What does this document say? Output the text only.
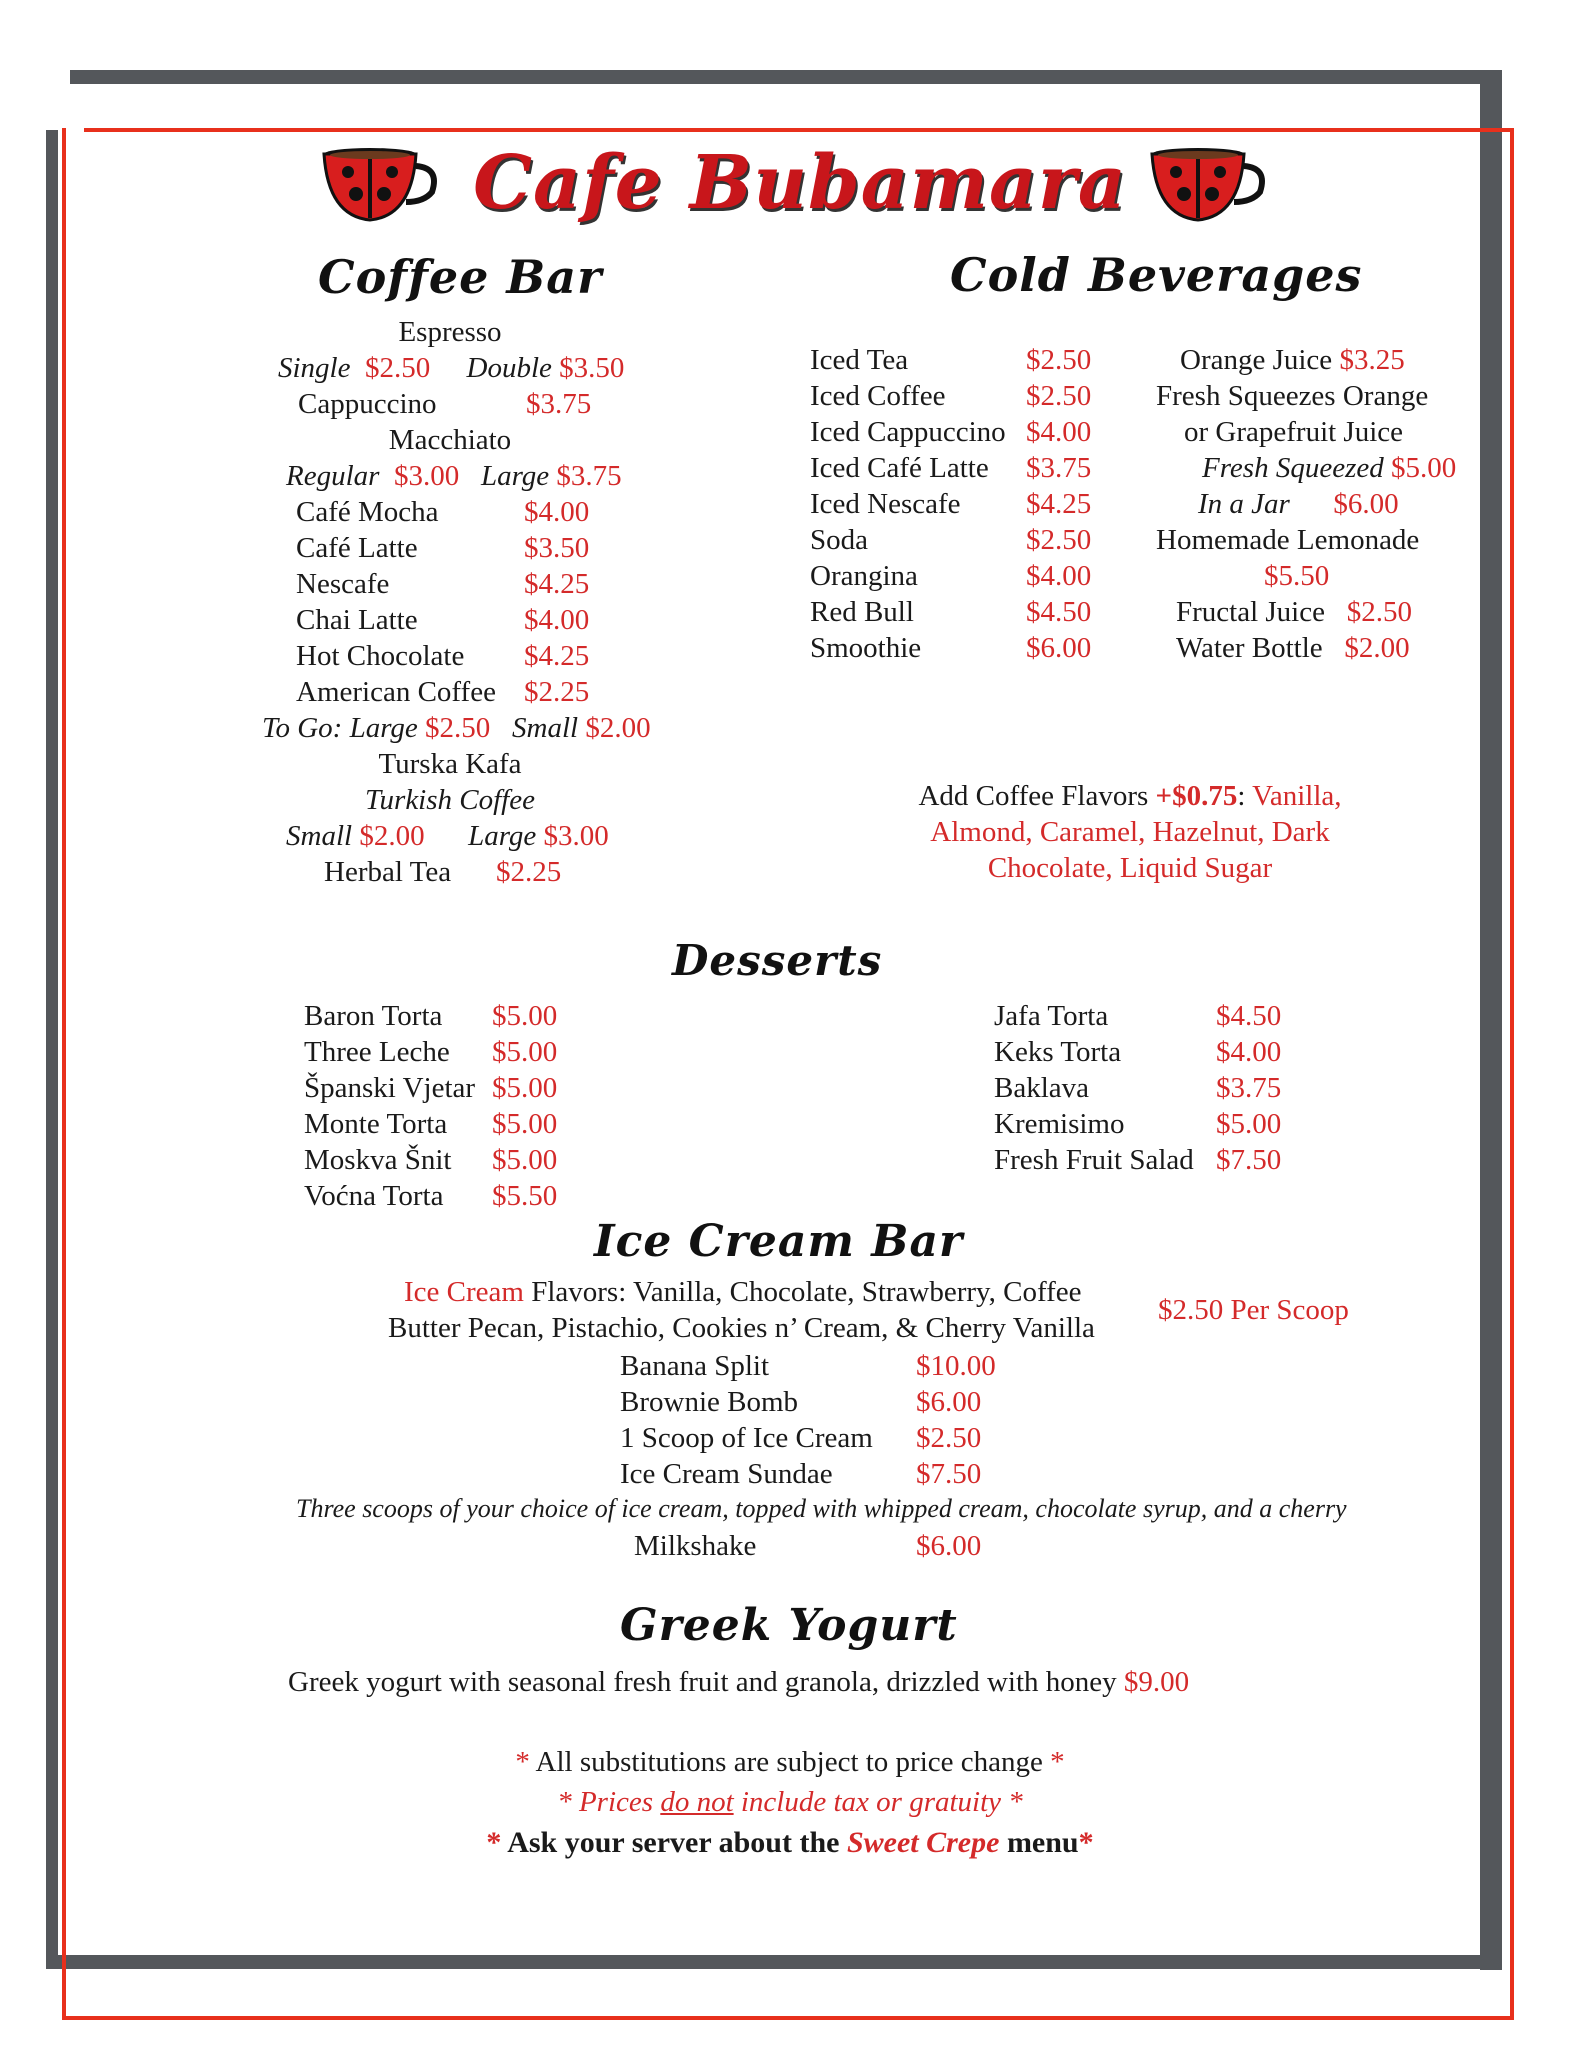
Cafe Bubamara
Coffee Bar
Espresso
Single $2.50 Double $3.50
Cappuccino	$3.75
Macchiato
Regular $3.00 Large $3.75
Café Mocha	$4.00
Café Latte	$3.50
Nescafe	$4.25
Chai Latte	$4.00
Hot Chocolate $4.25
American Coffee $2.25
To Go: Large $2.50 Small $2.00
Turska Kafa
Turkish Coffee
Small $2.00 Large $3.00
Herbal Tea $2.25
Cold Beverages
Iced Tea	$2.50
Iced Coffee	$2.50
Iced Cappuccino $4.00
Iced Café Latte $3.75
Iced Nescafe $4.25
Soda	$2.50
Orangina	$4.00
Red Bull	$4.50
Smoothie	$6.00
Orange Juice $3.25
Fresh Squeezes Orange
or Grapefruit Juice
Fresh Squeezed $5.00
In a Jar $6.00
Homemade Lemonade
$5.50
Fructal Juice $2.50
Water Bottle $2.00
Add Coffee Flavors +$0.75: Vanilla,
Almond, Caramel, Hazelnut, Dark
Chocolate, Liquid Sugar
Desserts
Baron Torta $5.00
Three Leche $5.00
Španski Vjetar $5.00
Monte Torta $5.00
Moskva Šnit $5.00
Voćna Torta $5.50
Jafa Torta	$4.50
Keks Torta	$4.00
Baklava	$3.75
Kremisimo	$5.00
Fresh Fruit Salad $7.50
Ice Cream Bar
Ice Cream Flavors: Vanilla, Chocolate, Strawberry, Coffee
Butter Pecan, Pistachio, Cookies n’ Cream, & Cherry Vanilla
$2.50 Per Scoop
Banana Split	$10.00
Brownie Bomb	$6.00
1 Scoop of Ice Cream $2.50
Ice Cream Sundae	$7.50
Three scoops of your choice of ice cream, topped with whipped cream, chocolate syrup, and a cherry
Milkshake	$6.00
Greek Yogurt
Greek yogurt with seasonal fresh fruit and granola, drizzled with honey $9.00
* All substitutions are subject to price change *
* Prices do not include tax or gratuity *
* Ask your server about the Sweet Crepe menu*
